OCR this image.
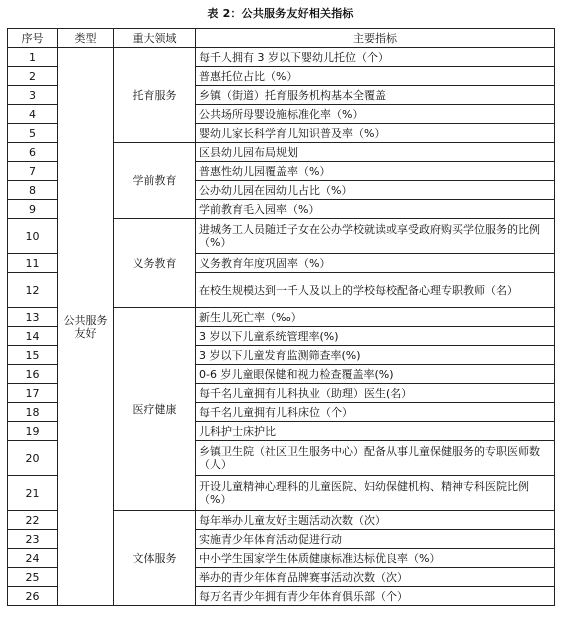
表 2：公共服务友好相关指标
序号	类型	重大领域	主要指标
1	公共服务友好	托育服务	每千人拥有 3 岁以下婴幼儿托位（个）
2			普惠托位占比（%）
3			乡镇（街道）托育服务机构基本全覆盖
4			公共场所母婴设施标准化率（%）
5			婴幼儿家长科学育儿知识普及率（%）
6		学前教育	区县幼儿园布局规划
7			普惠性幼儿园覆盖率（%）
8			公办幼儿园在园幼儿占比（%）
9			学前教育毛入园率（%）
10		义务教育	进城务工人员随迁子女在公办学校就读或享受政府购买学位服务的比例（%）
11			义务教育年度巩固率（%）
12			在校生规模达到一千人及以上的学校每校配备心理专职教师（名）
13		医疗健康	新生儿死亡率（‰）
14			3 岁以下儿童系统管理率(%)
15			3 岁以下儿童发育监测筛查率(%)
16			0-6 岁儿童眼保健和视力检查覆盖率(%)
17			每千名儿童拥有儿科执业（助理）医生(名）
18			每千名儿童拥有儿科床位（个）
19			儿科护士床护比
20			乡镇卫生院（社区卫生服务中心）配备从事儿童保健服务的专职医师数（人）
21			开设儿童精神心理科的儿童医院、妇幼保健机构、精神专科医院比例（%）
22		文体服务	每年举办儿童友好主题活动次数（次）
23			实施青少年体育活动促进行动
24			中小学生国家学生体质健康标准达标优良率（%）
25			举办的青少年体育品牌赛事活动次数（次）
26			每万名青少年拥有青少年体育俱乐部（个）
